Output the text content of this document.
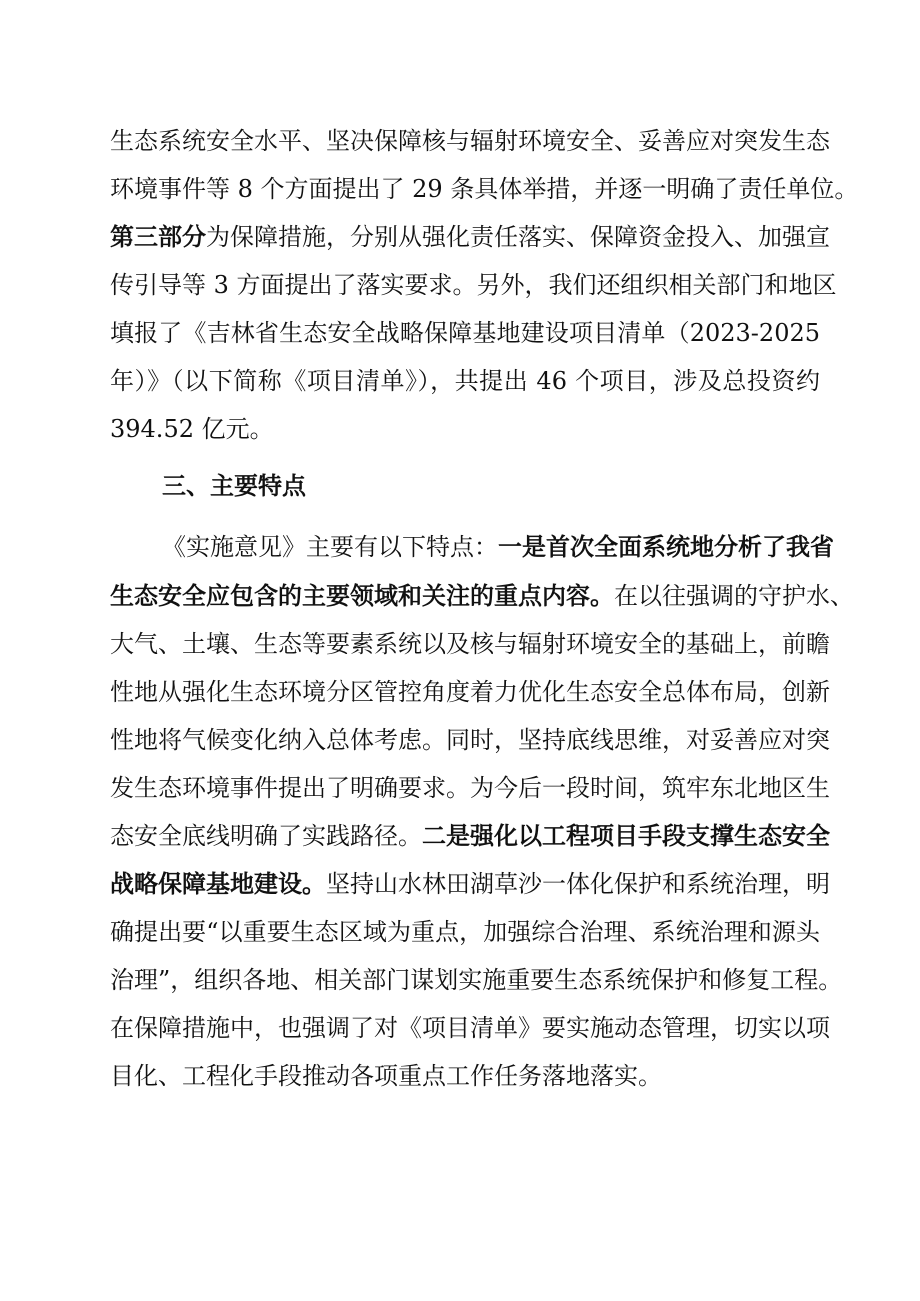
生态系统安全水平、坚决保障核与辐射环境安全、妥善应对突发生态
环境事件等 8 个方面提出了 29 条具体举措，并逐一明确了责任单位。
第三部分为保障措施，分别从强化责任落实、保障资金投入、加强宣
传引导等 3 方面提出了落实要求。另外，我们还组织相关部门和地区
填报了《吉林省生态安全战略保障基地建设项目清单（2023-2025
年）》（以下简称《项目清单》），共提出 46 个项目，涉及总投资约
394.52 亿元。
三、主要特点
《实施意见》主要有以下特点：一是首次全面系统地分析了我省
生态安全应包含的主要领域和关注的重点内容。在以往强调的守护水、
大气、土壤、生态等要素系统以及核与辐射环境安全的基础上，前瞻
性地从强化生态环境分区管控角度着力优化生态安全总体布局，创新
性地将气候变化纳入总体考虑。同时，坚持底线思维，对妥善应对突
发生态环境事件提出了明确要求。为今后一段时间，筑牢东北地区生
态安全底线明确了实践路径。二是强化以工程项目手段支撑生态安全
战略保障基地建设。坚持山水林田湖草沙一体化保护和系统治理，明
确提出要“以重要生态区域为重点，加强综合治理、系统治理和源头
治理”，组织各地、相关部门谋划实施重要生态系统保护和修复工程。
在保障措施中，也强调了对《项目清单》要实施动态管理，切实以项
目化、工程化手段推动各项重点工作任务落地落实。
